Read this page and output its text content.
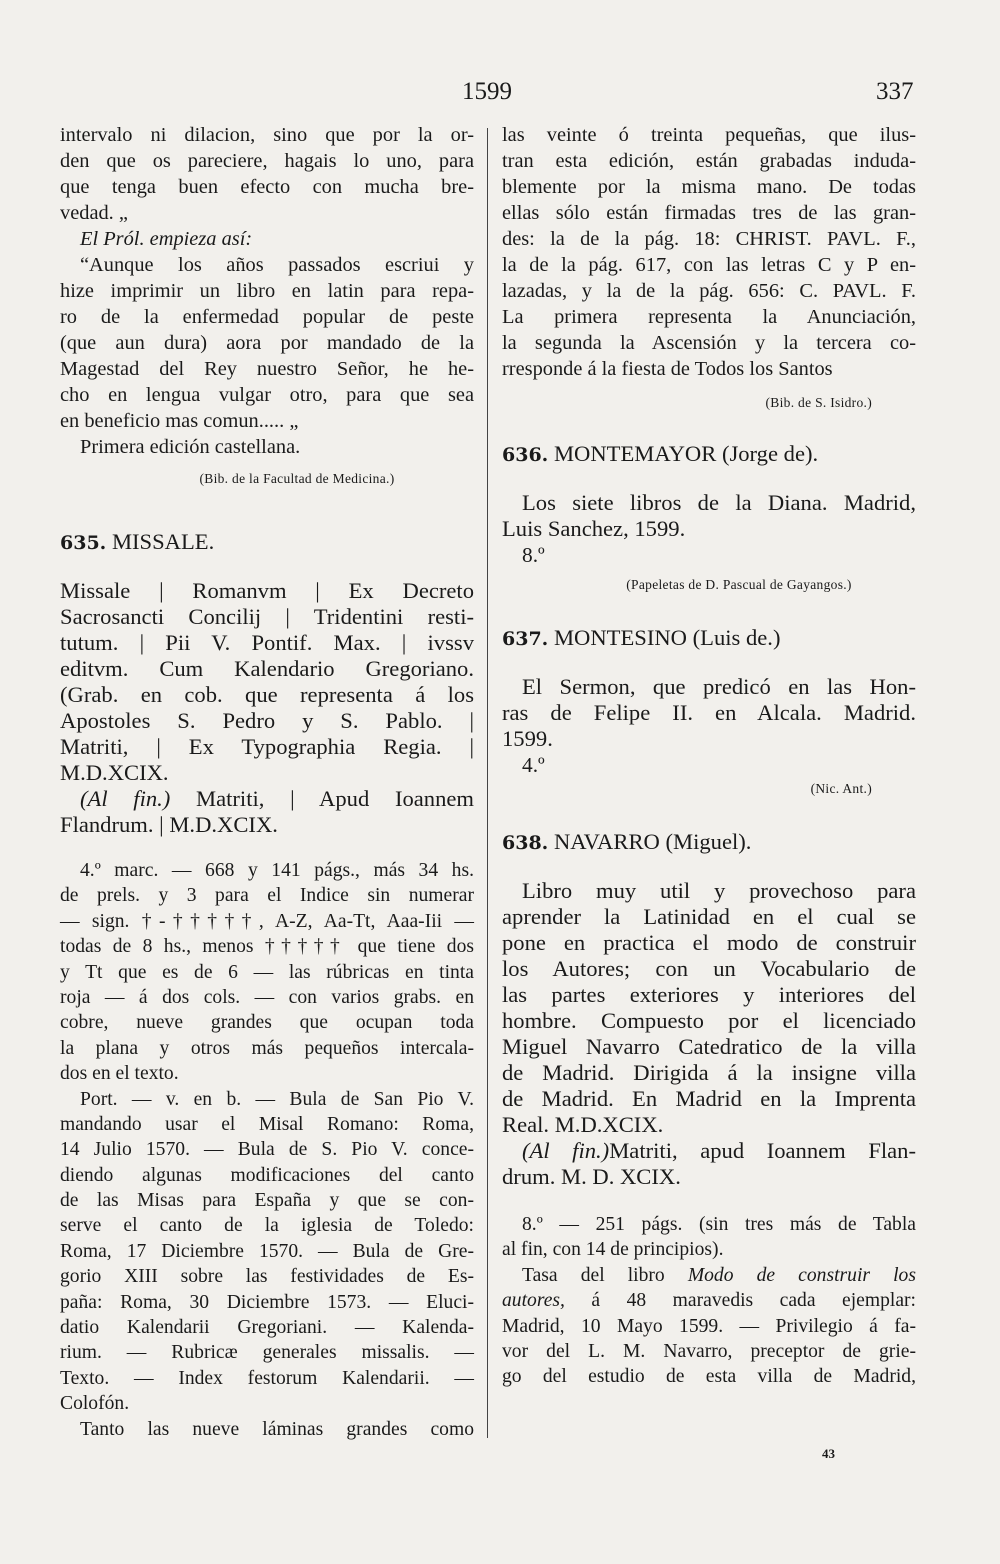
1599	337
intervalo ni dilacion, sino que por la or-
den que os pareciere, hagais lo uno, para
que tenga buen efecto con mucha bre-
vedad. „
El Pról. empieza así:
“Aunque los años passados escriui y
hize imprimir un libro en latin para repa-
ro de la enfermedad popular de peste
(que aun dura) aora por mandado de la
Magestad del Rey nuestro Señor, he he-
cho en lengua vulgar otro, para que sea
en beneficio mas comun..... „
Primera edición castellana.
(Bib. de la Facultad de Medicina.)
635. MISSALE.
Missale | Romanvm | Ex Decreto
Sacrosancti Concilij | Tridentini resti-
tutum. | Pii V. Pontif. Max. | ivssv
editvm. Cum Kalendario Gregoriano.
(Grab. en cob. que representa á los
Apostoles S. Pedro y S. Pablo. |
Matriti, | Ex Typographia Regia. |
M.D.XCIX.
(Al fin.) Matriti, | Apud Ioannem
Flandrum. | M.D.XCIX.
4.º marc. — 668 y 141 págs., más 34 hs.
de prels. y 3 para el Indice sin numerar
— sign. †-†††††, A-Z, Aa-Tt, Aaa-Iii —
todas de 8 hs., menos ††††† que tiene dos
y Tt que es de 6 — las rúbricas en tinta
roja — á dos cols. — con varios grabs. en
cobre, nueve grandes que ocupan toda
la plana y otros más pequeños intercala-
dos en el texto.
Port. — v. en b. — Bula de San Pio V.
mandando usar el Misal Romano: Roma,
14 Julio 1570. — Bula de S. Pio V. conce-
diendo algunas modificaciones del canto
de las Misas para España y que se con-
serve el canto de la iglesia de Toledo:
Roma, 17 Diciembre 1570. — Bula de Gre-
gorio XIII sobre las festividades de Es-
paña: Roma, 30 Diciembre 1573. — Eluci-
datio Kalendarii Gregoriani. — Kalenda-
rium. — Rubricæ generales missalis. —
Texto. — Index festorum Kalendarii. —
Colofón.
Tanto las nueve láminas grandes como
las veinte ó treinta pequeñas, que ilus-
tran esta edición, están grabadas induda-
blemente por la misma mano. De todas
ellas sólo están firmadas tres de las gran-
des: la de la pág. 18: CHRIST. PAVL. F.,
la de la pág. 617, con las letras C y P en-
lazadas, y la de la pág. 656: C. PAVL. F.
La primera representa la Anunciación,
la segunda la Ascensión y la tercera co-
rresponde á la fiesta de Todos los Santos
(Bib. de S. Isidro.)
636. MONTEMAYOR (Jorge de).
Los siete libros de la Diana. Madrid,
Luis Sanchez, 1599.
8.º
(Papeletas de D. Pascual de Gayangos.)
637. MONTESINO (Luis de.)
El Sermon, que predicó en las Hon-
ras de Felipe II. en Alcala. Madrid.
1599.
4.º
(Nic. Ant.)
638. NAVARRO (Miguel).
Libro muy util y provechoso para
aprender la Latinidad en el cual se
pone en practica el modo de construir
los Autores; con un Vocabulario de
las partes exteriores y interiores del
hombre. Compuesto por el licenciado
Miguel Navarro Catedratico de la villa
de Madrid. Dirigida á la insigne villa
de Madrid. En Madrid en la Imprenta
Real. M.D.XCIX.
(Al fin.)Matriti, apud Ioannem Flan-
drum. M. D. XCIX.
8.º — 251 págs. (sin tres más de Tabla
al fin, con 14 de principios).
Tasa del libro Modo de construir los
autores, á 48 maravedis cada ejemplar:
Madrid, 10 Mayo 1599. — Privilegio á fa-
vor del L. M. Navarro, preceptor de grie-
go del estudio de esta villa de Madrid,
43
